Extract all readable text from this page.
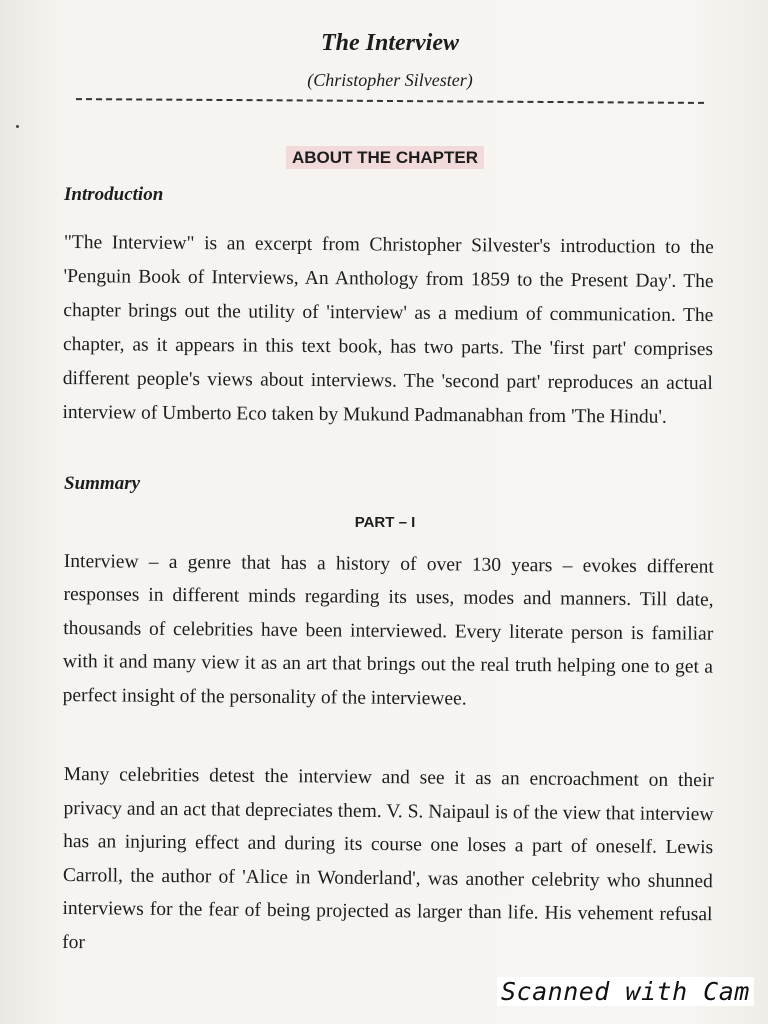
The Interview
(Christopher Silvester)
ABOUT THE CHAPTER
Introduction
"The Interview" is an excerpt from Christopher Silvester's introduction to the 'Penguin Book of Interviews, An Anthology from 1859 to the Present Day'. The chapter brings out the utility of 'interview' as a medium of communication. The chapter, as it appears in this text book, has two parts. The 'first part' comprises different people's views about interviews. The 'second part' reproduces an actual interview of Umberto Eco taken by Mukund Padmanabhan from 'The Hindu'.
Summary
PART – I
Interview – a genre that has a history of over 130 years – evokes different responses in different minds regarding its uses, modes and manners. Till date, thousands of celebrities have been interviewed. Every literate person is familiar with it and many view it as an art that brings out the real truth helping one to get a perfect insight of the personality of the interviewee.
Many celebrities detest the interview and see it as an encroachment on their privacy and an act that depreciates them. V. S. Naipaul is of the view that interview has an injuring effect and during its course one loses a part of oneself. Lewis Carroll, the author of 'Alice in Wonderland', was another celebrity who shunned interviews for the fear of being projected as larger than life. His vehement refusal for
Scanned with Cam
